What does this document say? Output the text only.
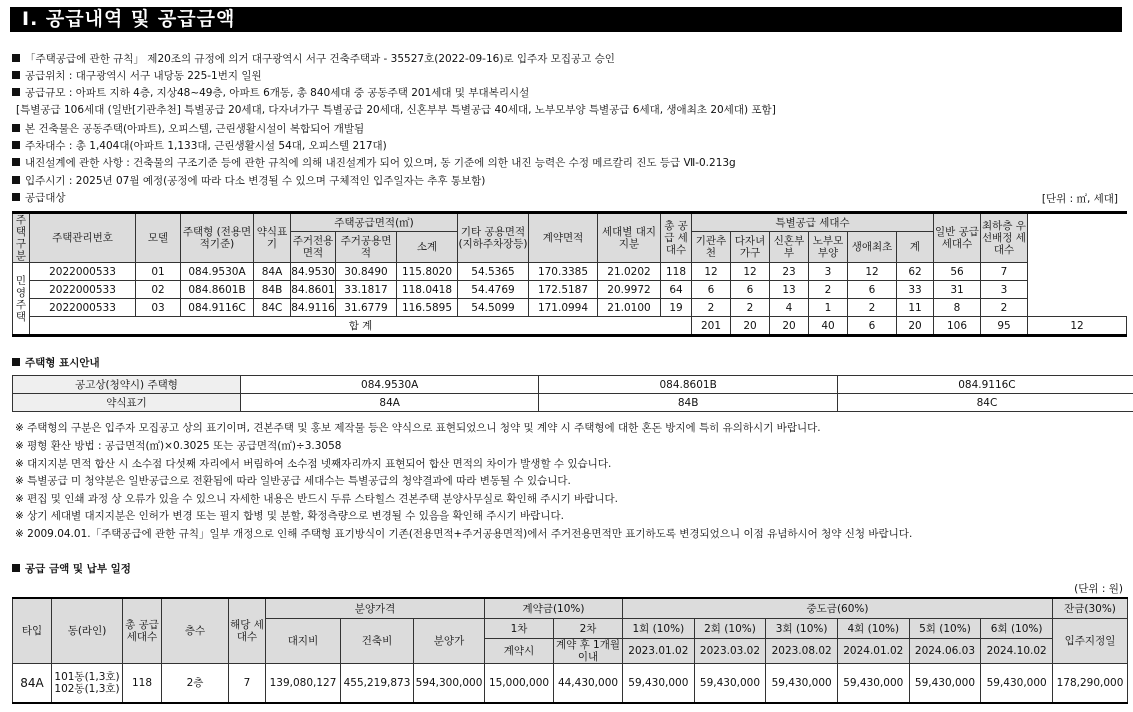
I. 공급내역 및 공급금액
「주택공급에 관한 규칙」 제20조의 규정에 의거 대구광역시 서구 건축주택과 - 35527호(2022-09-16)로 입주자 모집공고 승인
공급위치 : 대구광역시 서구 내당동 225-1번지 일원
공급규모 : 아파트 지하 4층, 지상48~49층, 아파트 6개동, 총 840세대 중 공동주택 201세대 및 부대복리시설
[특별공급 106세대 (일반[기관추천] 특별공급 20세대, 다자녀가구 특별공급 20세대, 신혼부부 특별공급 40세대, 노부모부양 특별공급 6세대, 생애최초 20세대) 포함]
본 건축물은 공동주택(아파트), 오피스텔, 근린생활시설이 복합되어 개발됨
주차대수 : 총 1,404대(아파트 1,133대, 근린생활시설 54대, 오피스텔 217대)
내진설계에 관한 사항 : 건축물의 구조기준 등에 관한 규칙에 의해 내진설계가 되어 있으며, 동 기준에 의한 내진 능력은 수정 메르칼리 진도 등급 Ⅶ-0.213g
입주시기 : 2025년 07월 예정(공정에 따라 다소 변경될 수 있으며 구체적인 입주일자는 추후 통보함)
공급대상	[단위 : ㎡, 세대]
주택구분	주택관리번호	모델	주택형 (전용면적기준)	약식표기	주택공급면적(㎡)			기타 공용면적 (지하주차장등)	계약면적	세대별 대지지분	총 공급 세대수	특별공급 세대수						일반 공급 세대수	최하층 우선배정 세대수	
					주거전용면적	주거공용면적	소계					기관추천	다자녀가구	신혼부부	노부모부양	생애최초	계			

민영주택	2022000533	01	084.9530A	84A	84.9530	30.8490	115.8020	54.5365	170.3385	21.0202	118	12	12	23	3	12	62	56	7	
	2022000533	02	084.8601B	84B	84.8601	33.1817	118.0418	54.4769	172.5187	20.9972	64	6	6	13	2	6	33	31	3	
	2022000533	03	084.9116C	84C	84.9116	31.6779	116.5895	54.5099	171.0994	21.0100	19	2	2	4	1	2	11	8	2	
	합 계											201	20	20	40	6	20	106	95	12
주택형 표시안내
공고상(청약시) 주택형	084.9530A	084.8601B	084.9116C
약식표기	84A	84B	84C
※ 주택형의 구분은 입주자 모집공고 상의 표기이며, 견본주택 및 홍보 제작물 등은 약식으로 표현되었으니 청약 및 계약 시 주택형에 대한 혼돈 방지에 특히 유의하시기 바랍니다.
※ 평형 환산 방법 : 공급면적(㎡)×0.3025 또는 공급면적(㎡)÷3.3058
※ 대지지분 면적 합산 시 소수점 다섯째 자리에서 버림하여 소수점 넷째자리까지 표현되어 합산 면적의 차이가 발생할 수 있습니다.
※ 특별공급 미 청약분은 일반공급으로 전환됨에 따라 일반공급 세대수는 특별공급의 청약결과에 따라 변동될 수 있습니다.
※ 편집 및 인쇄 과정 상 오류가 있을 수 있으니 자세한 내용은 반드시 두류 스타힐스 견본주택 분양사무실로 확인해 주시기 바랍니다.
※ 상기 세대별 대지지분은 인허가 변경 또는 필지 합병 및 분할, 확정측량으로 변경될 수 있음을 확인해 주시기 바랍니다.
※ 2009.04.01.「주택공급에 관한 규칙」일부 개정으로 인해 주택형 표기방식이 기존(전용면적+주거공용면적)에서 주거전용면적만 표기하도록 변경되었으니 이점 유념하시어 청약 신청 바랍니다.
공급 금액 및 납부 일정
(단위 : 원)
타입	동(라인)	총 공급 세대수	층수	해당 세대수	분양가격			계약금(10%)		중도금(60%)						잔금(30%)
					대지비	건축비	분양가	1차	2차	1회 (10%)	2회 (10%)	3회 (10%)	4회 (10%)	5회 (10%)	6회 (10%)	입주지정일
								계약시	계약 후 1개월 이내	2023.01.02	2023.03.02	2023.08.02	2024.01.02	2024.06.03	2024.10.02	
84A	101동(1,3호)
102동(1,3호)	118	2층	7	139,080,127	455,219,873	594,300,000	15,000,000	44,430,000	59,430,000	59,430,000	59,430,000	59,430,000	59,430,000	59,430,000	178,290,000
